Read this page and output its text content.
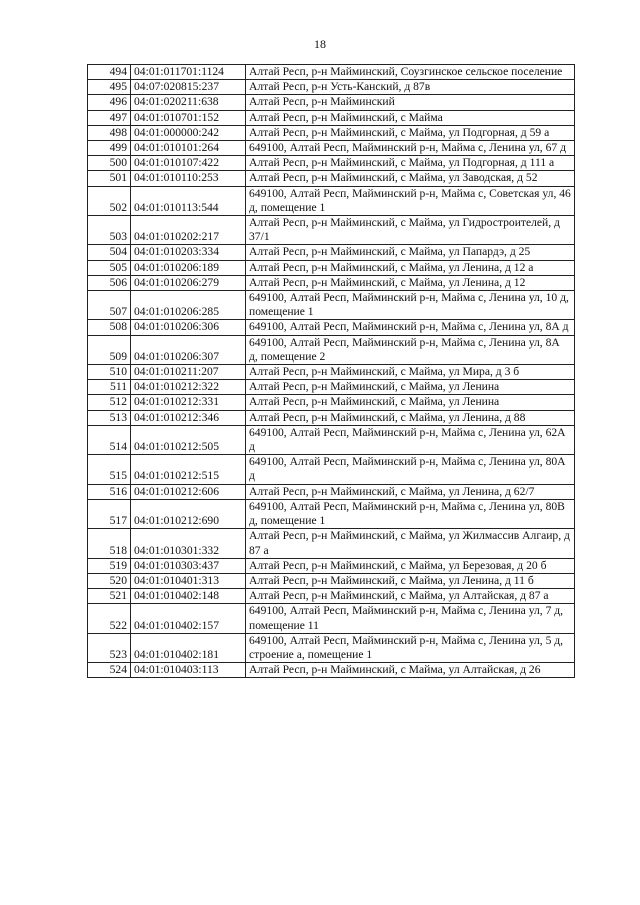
18
494	04:01:011701:1124	Алтай Респ, р-н Майминский, Соузгинское сельское поселение
495	04:07:020815:237	Алтай Респ, р-н Усть-Канский, д 87в
496	04:01:020211:638	Алтай Респ, р-н Майминский
497	04:01:010701:152	Алтай Респ, р-н Майминский, с Майма
498	04:01:000000:242	Алтай Респ, р-н Майминский, с Майма, ул Подгорная, д 59 а
499	04:01:010101:264	649100, Алтай Респ, Майминский р-н, Майма с, Ленина ул, 67 д
500	04:01:010107:422	Алтай Респ, р-н Майминский, с Майма, ул Подгорная, д 111 а
501	04:01:010110:253	Алтай Респ, р-н Майминский, с Майма, ул Заводская, д 52
502	04:01:010113:544	649100, Алтай Респ, Майминский р-н, Майма с, Советская ул, 46 д, помещение 1
503	04:01:010202:217	Алтай Респ, р-н Майминский, с Майма, ул Гидростроителей, д 37/1
504	04:01:010203:334	Алтай Респ, р-н Майминский, с Майма, ул Папардэ, д 25
505	04:01:010206:189	Алтай Респ, р-н Майминский, с Майма, ул Ленина, д 12 а
506	04:01:010206:279	Алтай Респ, р-н Майминский, с Майма, ул Ленина, д 12
507	04:01:010206:285	649100, Алтай Респ, Майминский р-н, Майма с, Ленина ул, 10 д, помещение 1
508	04:01:010206:306	649100, Алтай Респ, Майминский р-н, Майма с, Ленина ул, 8А д
509	04:01:010206:307	649100, Алтай Респ, Майминский р-н, Майма с, Ленина ул, 8А д, помещение 2
510	04:01:010211:207	Алтай Респ, р-н Майминский, с Майма, ул Мира, д 3 б
511	04:01:010212:322	Алтай Респ, р-н Майминский, с Майма, ул Ленина
512	04:01:010212:331	Алтай Респ, р-н Майминский, с Майма, ул Ленина
513	04:01:010212:346	Алтай Респ, р-н Майминский, с Майма, ул Ленина, д 88
514	04:01:010212:505	649100, Алтай Респ, Майминский р-н, Майма с, Ленина ул, 62А д
515	04:01:010212:515	649100, Алтай Респ, Майминский р-н, Майма с, Ленина ул, 80А д
516	04:01:010212:606	Алтай Респ, р-н Майминский, с Майма, ул Ленина, д 62/7
517	04:01:010212:690	649100, Алтай Респ, Майминский р-н, Майма с, Ленина ул, 80В д, помещение 1
518	04:01:010301:332	Алтай Респ, р-н Майминский, с Майма, ул Жилмассив Алгаир, д 87 а
519	04:01:010303:437	Алтай Респ, р-н Майминский, с Майма, ул Березовая, д 20 б
520	04:01:010401:313	Алтай Респ, р-н Майминский, с Майма, ул Ленина, д 11 б
521	04:01:010402:148	Алтай Респ, р-н Майминский, с Майма, ул Алтайская, д 87 а
522	04:01:010402:157	649100, Алтай Респ, Майминский р-н, Майма с, Ленина ул, 7 д, помещение 11
523	04:01:010402:181	649100, Алтай Респ, Майминский р-н, Майма с, Ленина ул, 5 д, строение а, помещение 1
524	04:01:010403:113	Алтай Респ, р-н Майминский, с Майма, ул Алтайская, д 26
